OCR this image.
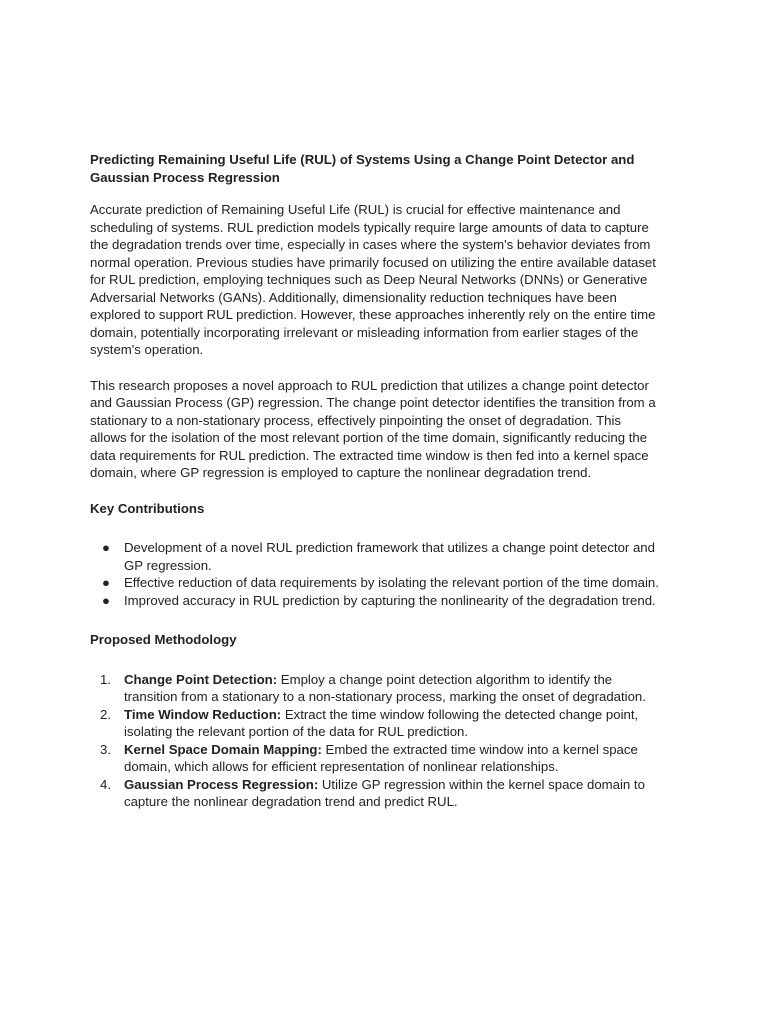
Predicting Remaining Useful Life (RUL) of Systems Using a Change Point Detector and Gaussian Process Regression

Accurate prediction of Remaining Useful Life (RUL) is crucial for effective maintenance and scheduling of systems. RUL prediction models typically require large amounts of data to capture the degradation trends over time, especially in cases where the system's behavior deviates from normal operation. Previous studies have primarily focused on utilizing the entire available dataset for RUL prediction, employing techniques such as Deep Neural Networks (DNNs) or Generative Adversarial Networks (GANs). Additionally, dimensionality reduction techniques have been explored to support RUL prediction. However, these approaches inherently rely on the entire time domain, potentially incorporating irrelevant or misleading information from earlier stages of the system's operation.

This research proposes a novel approach to RUL prediction that utilizes a change point detector and Gaussian Process (GP) regression. The change point detector identifies the transition from a stationary to a non-stationary process, effectively pinpointing the onset of degradation. This allows for the isolation of the most relevant portion of the time domain, significantly reducing the data requirements for RUL prediction. The extracted time window is then fed into a kernel space domain, where GP regression is employed to capture the nonlinear degradation trend.

Key Contributions
● Development of a novel RUL prediction framework that utilizes a change point detector and GP regression.
● Effective reduction of data requirements by isolating the relevant portion of the time domain.
● Improved accuracy in RUL prediction by capturing the nonlinearity of the degradation trend.
Proposed Methodology
1. Change Point Detection: Employ a change point detection algorithm to identify the transition from a stationary to a non-stationary process, marking the onset of degradation.
2. Time Window Reduction: Extract the time window following the detected change point, isolating the relevant portion of the data for RUL prediction.
3. Kernel Space Domain Mapping: Embed the extracted time window into a kernel space domain, which allows for efficient representation of nonlinear relationships.
4. Gaussian Process Regression: Utilize GP regression within the kernel space domain to capture the nonlinear degradation trend and predict RUL.
